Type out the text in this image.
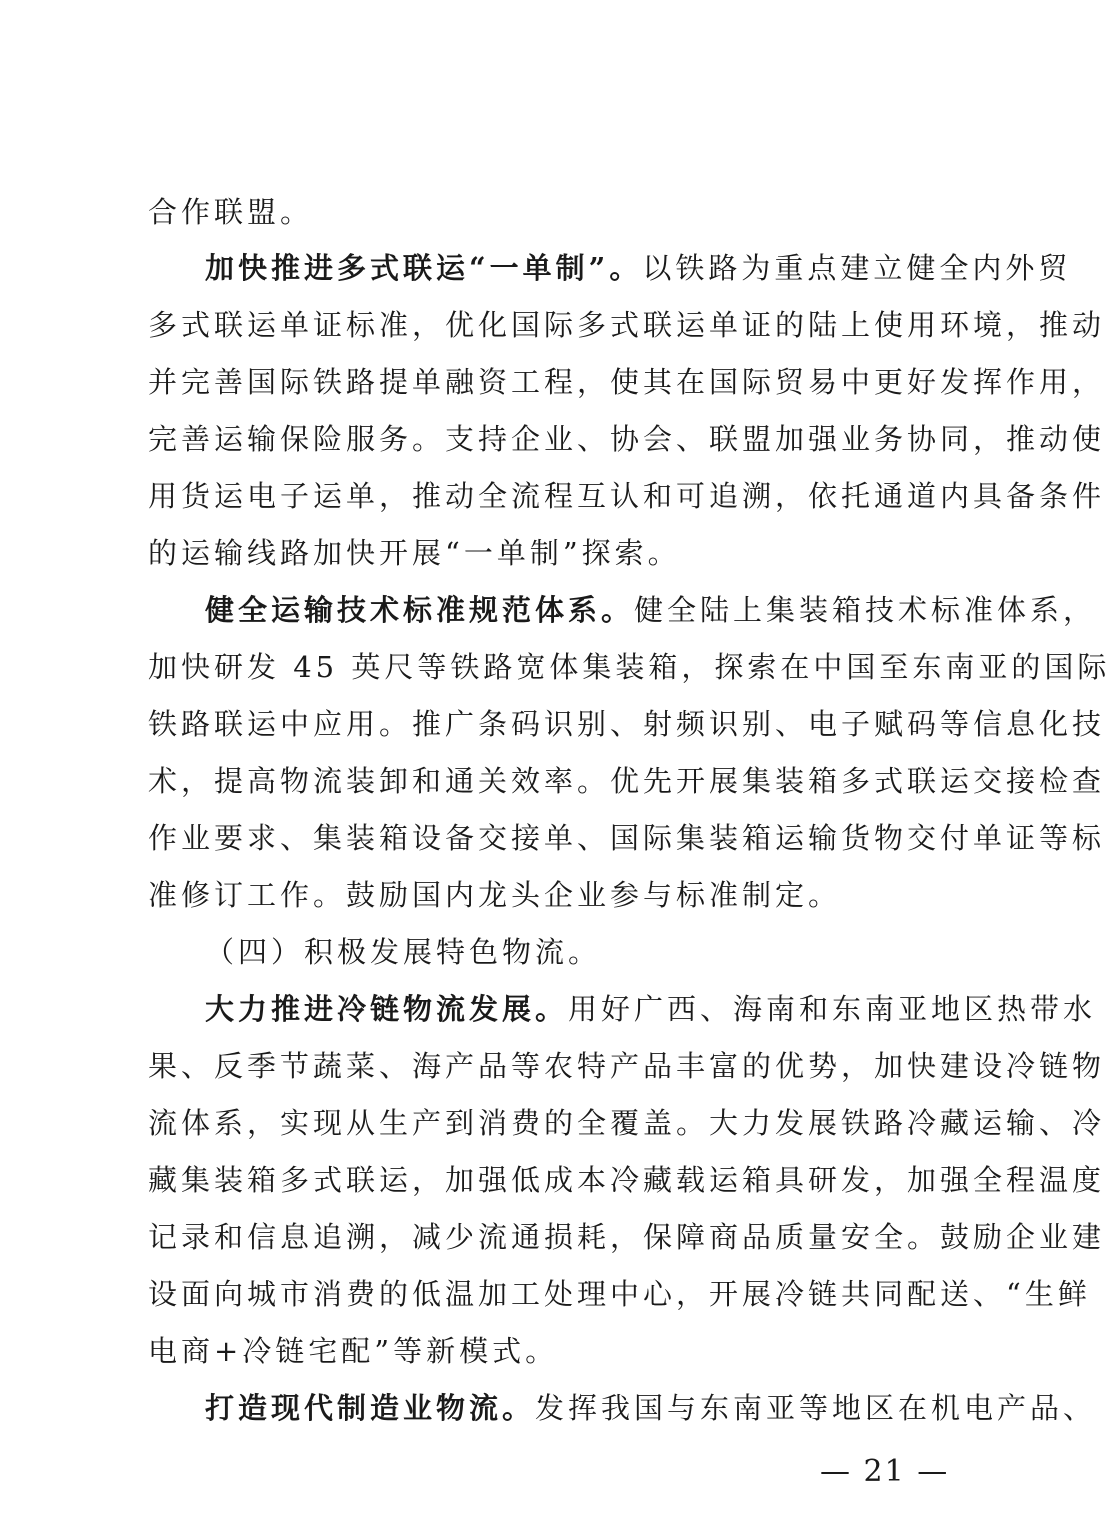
合作联盟。
加快推进多式联运“一单制”。以铁路为重点建立健全内外贸
多式联运单证标准，优化国际多式联运单证的陆上使用环境，推动
并完善国际铁路提单融资工程，使其在国际贸易中更好发挥作用，
完善运输保险服务。支持企业、协会、联盟加强业务协同，推动使
用货运电子运单，推动全流程互认和可追溯，依托通道内具备条件
的运输线路加快开展“一单制”探索。
健全运输技术标准规范体系。健全陆上集装箱技术标准体系，
加快研发 45 英尺等铁路宽体集装箱，探索在中国至东南亚的国际
铁路联运中应用。推广条码识别、射频识别、电子赋码等信息化技
术，提高物流装卸和通关效率。优先开展集装箱多式联运交接检查
作业要求、集装箱设备交接单、国际集装箱运输货物交付单证等标
准修订工作。鼓励国内龙头企业参与标准制定。
（四）积极发展特色物流。
大力推进冷链物流发展。用好广西、海南和东南亚地区热带水
果、反季节蔬菜、海产品等农特产品丰富的优势，加快建设冷链物
流体系，实现从生产到消费的全覆盖。大力发展铁路冷藏运输、冷
藏集装箱多式联运，加强低成本冷藏载运箱具研发，加强全程温度
记录和信息追溯，减少流通损耗，保障商品质量安全。鼓励企业建
设面向城市消费的低温加工处理中心，开展冷链共同配送、“生鲜
电商+冷链宅配”等新模式。
打造现代制造业物流。发挥我国与东南亚等地区在机电产品、
— 21 —
